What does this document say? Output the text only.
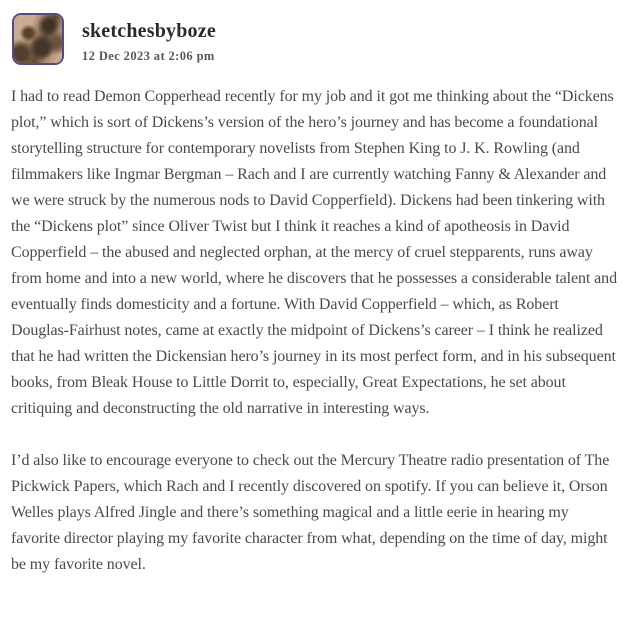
sketchesbyboze
12 Dec 2023 at 2:06 pm

I had to read Demon Copperhead recently for my job and it got me thinking about the “Dickens plot,” which is sort of Dickens’s version of the hero’s journey and has become a foundational storytelling structure for contemporary novelists from Stephen King to J. K. Rowling (and filmmakers like Ingmar Bergman – Rach and I are currently watching Fanny & Alexander and we were struck by the numerous nods to David Copperfield). Dickens had been tinkering with the “Dickens plot” since Oliver Twist but I think it reaches a kind of apotheosis in David Copperfield – the abused and neglected orphan, at the mercy of cruel stepparents, runs away from home and into a new world, where he discovers that he possesses a considerable talent and eventually finds domesticity and a fortune. With David Copperfield – which, as Robert Douglas-Fairhust notes, came at exactly the midpoint of Dickens’s career – I think he realized that he had written the Dickensian hero’s journey in its most perfect form, and in his subsequent books, from Bleak House to Little Dorrit to, especially, Great Expectations, he set about critiquing and deconstructing the old narrative in interesting ways.

I’d also like to encourage everyone to check out the Mercury Theatre radio presentation of The Pickwick Papers, which Rach and I recently discovered on spotify. If you can believe it, Orson Welles plays Alfred Jingle and there’s something magical and a little eerie in hearing my favorite director playing my favorite character from what, depending on the time of day, might be my favorite novel.
